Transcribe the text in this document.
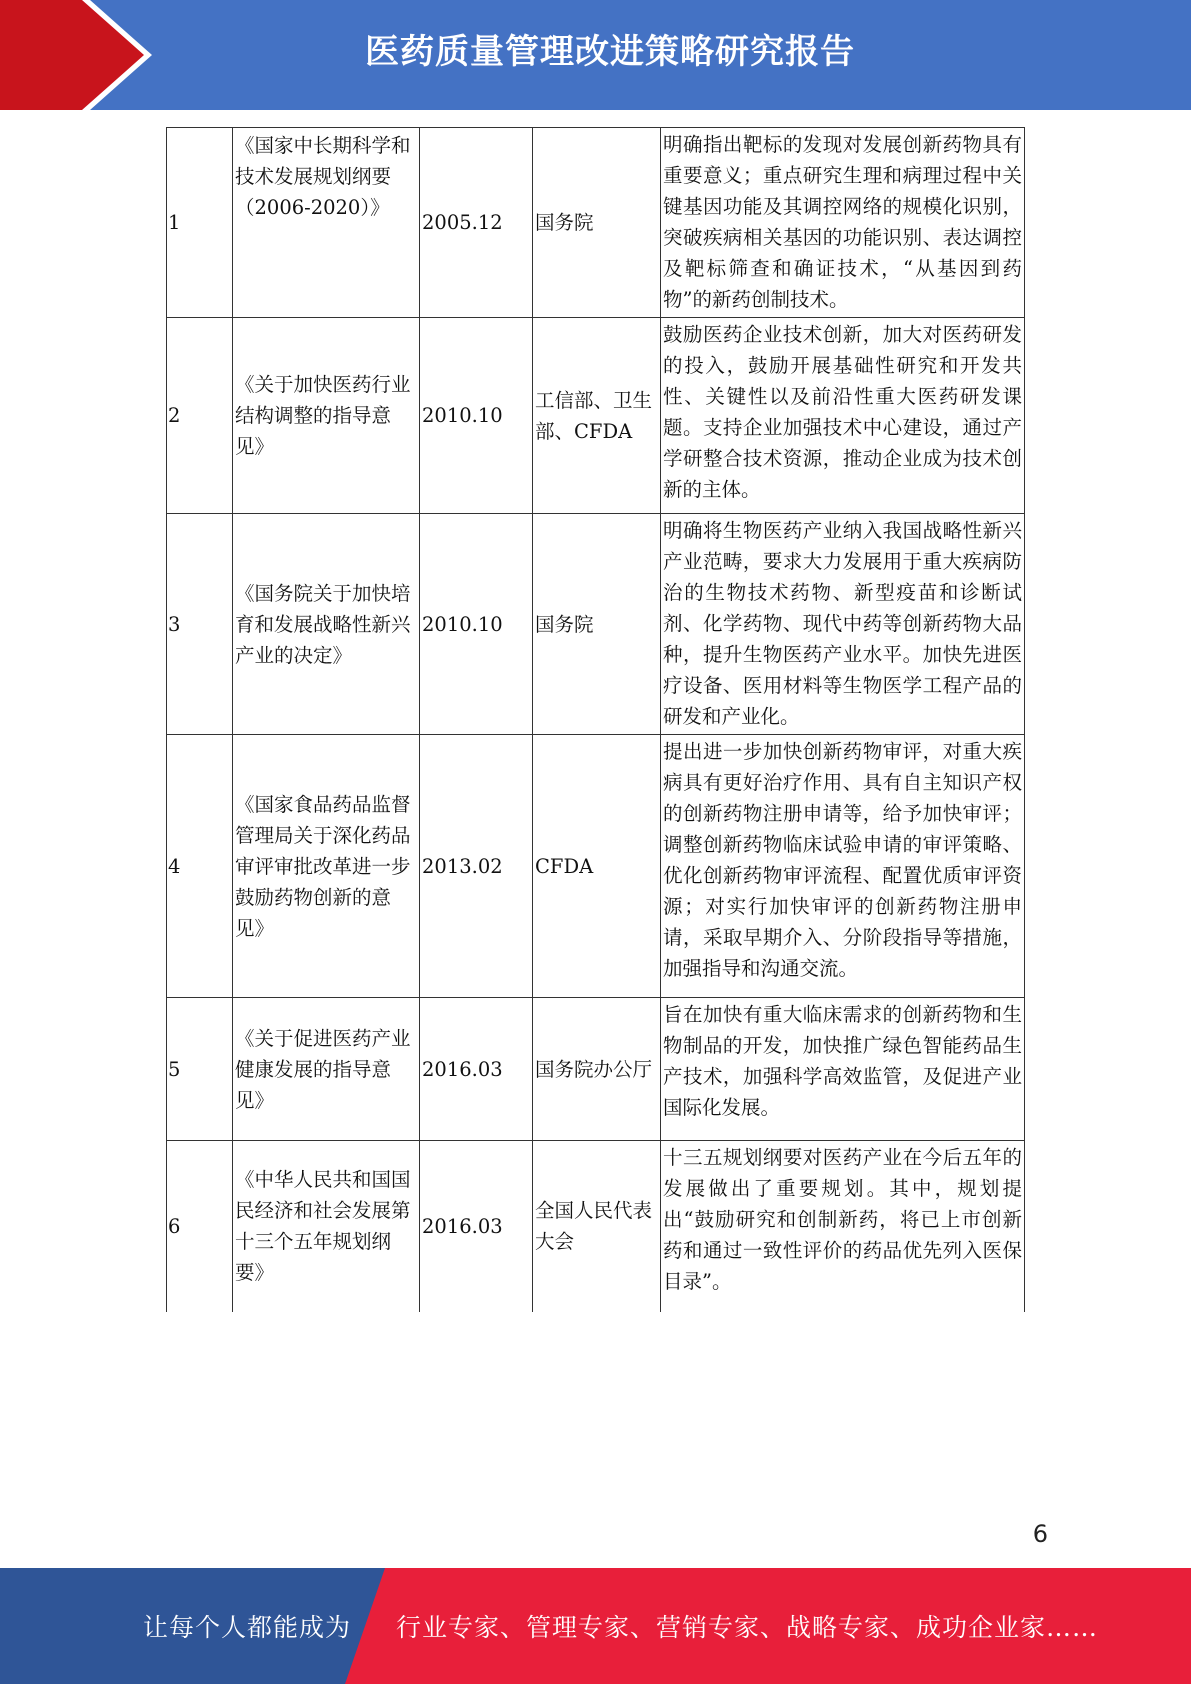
医药质量管理改进策略研究报告
1	《国家中长期科学和技术发展规划纲要（2006-2020）》	2005.12	国务院	明确指出靶标的发现对发展创新药物具有重要意义；重点研究生理和病理过程中关键基因功能及其调控网络的规模化识别，突破疾病相关基因的功能识别、表达调控及靶标筛查和确证技术，“从基因到药物”的新药创制技术。
2	《关于加快医药行业结构调整的指导意见》	2010.10	工信部、卫生部、CFDA	鼓励医药企业技术创新，加大对医药研发的投入，鼓励开展基础性研究和开发共性、关键性以及前沿性重大医药研发课题。支持企业加强技术中心建设，通过产学研整合技术资源，推动企业成为技术创新的主体。
3	《国务院关于加快培育和发展战略性新兴产业的决定》	2010.10	国务院	明确将生物医药产业纳入我国战略性新兴产业范畴，要求大力发展用于重大疾病防治的生物技术药物、新型疫苗和诊断试剂、化学药物、现代中药等创新药物大品种，提升生物医药产业水平。加快先进医疗设备、医用材料等生物医学工程产品的研发和产业化。
4	《国家食品药品监督管理局关于深化药品审评审批改革进一步鼓励药物创新的意见》	2013.02	CFDA	提出进一步加快创新药物审评，对重大疾病具有更好治疗作用、具有自主知识产权的创新药物注册申请等，给予加快审评；调整创新药物临床试验申请的审评策略、优化创新药物审评流程、配置优质审评资源；对实行加快审评的创新药物注册申请，采取早期介入、分阶段指导等措施，加强指导和沟通交流。
5	《关于促进医药产业健康发展的指导意见》	2016.03	国务院办公厅	旨在加快有重大临床需求的创新药物和生物制品的开发，加快推广绿色智能药品生产技术，加强科学高效监管，及促进产业国际化发展。
6	《中华人民共和国国民经济和社会发展第十三个五年规划纲要》	2016.03	全国人民代表大会	十三五规划纲要对医药产业在今后五年的发展做出了重要规划。其中，规划提出“鼓励研究和创制新药，将已上市创新药和通过一致性评价的药品优先列入医保目录”。
6
让每个人都能成为 行业专家、管理专家、营销专家、战略专家、成功企业家……
